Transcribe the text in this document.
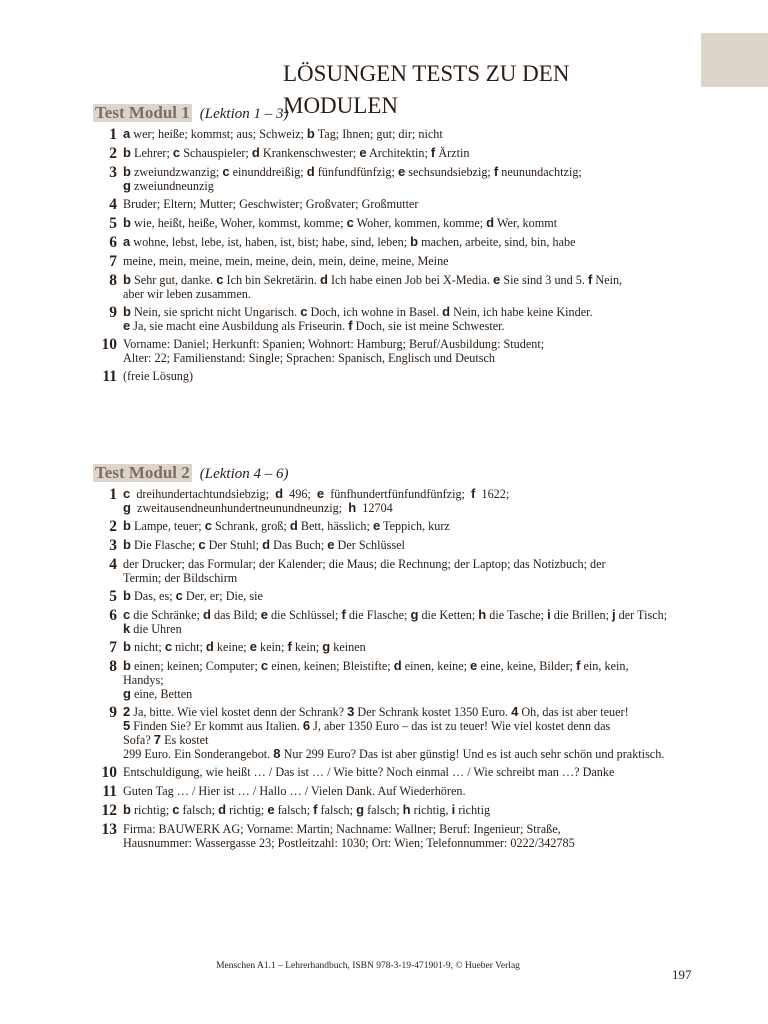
LÖSUNGEN TESTS ZU DEN
MODULEN
Test Modul 1 (Lektion 1 – 3)
1 a wer; heiße; kommst; aus; Schweiz; b Tag; Ihnen; gut; dir; nicht
2 b Lehrer; c Schauspieler; d Krankenschwester; e Architektin; f Ärztin
3 b zweiundzwanzig; c einunddreißig; d fünfundfünfzig; e sechsundsiebzig; f neunundachtzig;
g zweiundneunzig
4 Bruder; Eltern; Mutter; Geschwister; Großvater; Großmutter
5 b wie, heißt, heiße, Woher, kommst, komme; c Woher, kommen, komme; d Wer, kommt
6 a wohne, lebst, lebe, ist, haben, ist, bist; habe, sind, leben; b machen, arbeite, sind, bin, habe
7 meine, mein, meine, mein, meine, dein, mein, deine, meine, Meine
8 b Sehr gut, danke. c Ich bin Sekretärin. d Ich habe einen Job bei X-Media. e Sie sind 3 und 5. f Nein,
aber wir leben zusammen.
9 b Nein, sie spricht nicht Ungarisch. c Doch, ich wohne in Basel. d Nein, ich habe keine Kinder.
e Ja, sie macht eine Ausbildung als Friseurin. f Doch, sie ist meine Schwester.
10 Vorname: Daniel; Herkunft: Spanien; Wohnort: Hamburg; Beruf/Ausbildung: Student;
Alter: 22; Familienstand: Single; Sprachen: Spanisch, Englisch und Deutsch
11 (freie Lösung)
Test Modul 2 (Lektion 4 – 6)
1 c  dreihundertachtundsiebzig;  d  496;  e  fünfhundertfünfundfünfzig;  f  1622;
g  zweitausendneunhundertneunundneunzig;  h  12704
2 b Lampe, teuer; c Schrank, groß; d Bett, hässlich; e Teppich, kurz
3 b Die Flasche; c Der Stuhl; d Das Buch; e Der Schlüssel
4 der Drucker; das Formular; der Kalender; die Maus; die Rechnung; der Laptop; das Notizbuch; der
Termin; der Bildschirm
5 b Das, es; c Der, er; Die, sie
6 c die Schränke; d das Bild; e die Schlüssel; f die Flasche; g die Ketten; h die Tasche; i die Brillen; j der Tisch;
k die Uhren
7 b nicht; c nicht; d keine; e kein; f kein; g keinen
8 b einen; keinen; Computer; c einen, keinen; Bleistifte; d einen, keine; e eine, keine, Bilder; f ein, kein,
Handys;
g eine, Betten
9 2 Ja, bitte. Wie viel kostet denn der Schrank? 3 Der Schrank kostet 1350 Euro. 4 Oh, das ist aber teuer!
5 Finden Sie? Er kommt aus Italien. 6 J, aber 1350 Euro – das ist zu teuer! Wie viel kostet denn das
Sofa? 7 Es kostet
299 Euro. Ein Sonderangebot. 8 Nur 299 Euro? Das ist aber günstig! Und es ist auch sehr schön und praktisch.
10 Entschuldigung, wie heißt … / Das ist … / Wie bitte? Noch einmal … / Wie schreibt man …? Danke
11 Guten Tag … / Hier ist … / Hallo … / Vielen Dank. Auf Wiederhören.
12 b richtig; c falsch; d richtig; e falsch; f falsch; g falsch; h richtig, i richtig
13 Firma: BAUWERK AG; Vorname: Martin; Nachname: Wallner; Beruf: Ingenieur; Straße,
Hausnummer: Wassergasse 23; Postleitzahl: 1030; Ort: Wien; Telefonnummer: 0222/342785
Menschen A1.1 – Lehrerhandbuch, ISBN 978-3-19-471901-9, © Hueber Verlag
197
